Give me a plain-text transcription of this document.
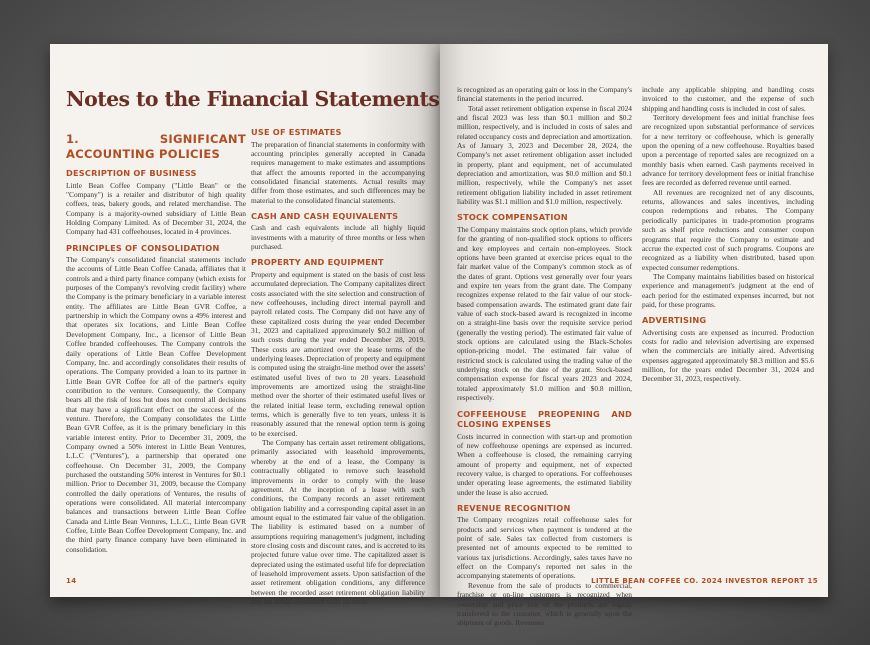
Notes to the Financial Statements
1. SIGNIFICANT ACCOUNTING POLICIES
DESCRIPTION OF BUSINESS

Little Bean Coffee Company ("Little Bean" or the "Company") is a retailer and distributor of high quality coffees, teas, bakery goods, and related merchandise. The Company is a majority-owned subsidiary of Little Bean Holding Company Limited. As of December 31, 2024, the Company had 431 coffeehouses, located in 4 provinces.

PRINCIPLES OF CONSOLIDATION

The Company's consolidated financial statements include the accounts of Little Bean Coffee Canada, affiliates that it controls and a third party finance company (which exists for purposes of the Company's revolving credit facility) where the Company is the primary beneficiary in a variable interest entity. The affiliates are Little Bean GVR Coffee, a partnership in which the Company owns a 49% interest and that operates six locations, and Little Bean Coffee Development Company, Inc., a licensor of Little Bean Coffee branded coffeehouses. The Company controls the daily operations of Little Bean Coffee Development Company, Inc. and accordingly consolidates their results of operations. The Company provided a loan to its partner in Little Bean GVR Coffee for all of the partner's equity contribution to the venture. Consequently, the Company bears all the risk of loss but does not control all decisions that may have a significant effect on the success of the venture. Therefore, the Company consolidates the Little Bean GVR Coffee, as it is the primary beneficiary in this variable interest entity. Prior to December 31, 2009, the Company owned a 50% interest in Little Bean Ventures, L.L.C ("Ventures"), a partnership that operated one coffeehouse. On December 31, 2009, the Company purchased the outstanding 50% interest in Ventures for $0.1 million. Prior to December 31, 2009, because the Company controlled the daily operations of Ventures, the results of operations were consolidated. All material intercompany balances and transactions between Little Bean Coffee Canada and Little Bean Ventures, L.L.C., Little Bean GVR Coffee, Little Bean Coffee Development Company, Inc. and the third party finance company have been eliminated in consolidation.

USE OF ESTIMATES

The preparation of financial statements in conformity with accounting principles generally accepted in Canada requires management to make estimates and assumptions that affect the amounts reported in the accompanying consolidated financial statements. Actual results may differ from those estimates, and such differences may be material to the consolidated financial statements.

CASH AND CASH EQUIVALENTS

Cash and cash equivalents include all highly liquid investments with a maturity of three months or less when purchased.

PROPERTY AND EQUIPMENT

Property and equipment is stated on the basis of cost less accumulated depreciation. The Company capitalizes direct costs associated with the site selection and construction of new coffeehouses, including direct internal payroll and payroll related costs. The Company did not have any of these capitalized costs during the year ended December 31, 2023 and capitalized approximately $0.2 million of such costs during the year ended December 28, 2019. These costs are amortized over the lease terms of the underlying leases. Depreciation of property and equipment is computed using the straight-line method over the assets' estimated useful lives of two to 20 years. Leasehold improvements are amortized using the straight-line method over the shorter of their estimated useful lives or the related initial lease term, excluding renewal option terms, which is generally five to ten years, unless it is reasonably assured that the renewal option term is going to be exercised.

The Company has certain asset retirement obligations, primarily associated with leasehold improvements, whereby at the end of a lease, the Company is contractually obligated to remove such leasehold improvements in order to comply with the lease agreement. At the inception of a lease with such conditions, the Company records an asset retirement obligation liability and a corresponding capital asset in an amount equal to the estimated fair value of the obligation. The liability is estimated based on a number of assumptions requiring management's judgment, including store closing costs and discount rates, and is accreted to its projected future value over time. The capitalized asset is depreciated using the estimated useful life for depreciation of leasehold improvement assets. Upon satisfaction of the asset retirement obligation conditions, any difference between the recorded asset retirement obligation liability and the actual retirement costs incurred

14

is recognized as an operating gain or loss in the Company's financial statements in the period incurred.

Total asset retirement obligation expense in fiscal 2024 and fiscal 2023 was less than $0.1 million and $0.2 million, respectively, and is included in costs of sales and related occupancy costs and depreciation and amortization. As of January 3, 2023 and December 28, 2024, the Company's net asset retirement obligation asset included in property, plant and equipment, net of accumulated depreciation and amortization, was $0.0 million and $0.1 million, respectively, while the Company's net asset retirement obligation liability included in asset retirement liability was $1.1 million and $1.0 million, respectively.

STOCK COMPENSATION

The Company maintains stock option plans, which provide for the granting of non-qualified stock options to officers and key employees and certain non-employees. Stock options have been granted at exercise prices equal to the fair market value of the Company's common stock as of the dates of grant. Options vest generally over four years and expire ten years from the grant date. The Company recognizes expense related to the fair value of our stock-based compensation awards. The estimated grant date fair value of each stock-based award is recognized in income on a straight-line basis over the requisite service period (generally the vesting period). The estimated fair value of stock options are calculated using the Black-Scholes option-pricing model. The estimated fair value of restricted stock is calculated using the trading value of the underlying stock on the date of the grant. Stock-based compensation expense for fiscal years 2023 and 2024, totaled approximately $1.0 million and $0.8 million, respectively.

COFFEEHOUSE PREOPENING AND CLOSING EXPENSES

Costs incurred in connection with start-up and promotion of new coffeehouse openings are expensed as incurred. When a coffeehouse is closed, the remaining carrying amount of property and equipment, net of expected recovery value, is charged to operations. For coffeehouses under operating lease agreements, the estimated liability under the lease is also accrued.

REVENUE RECOGNITION

The Company recognizes retail coffeehouse sales for products and services when payment is tendered at the point of sale. Sales tax collected from customers is presented net of amounts expected to be remitted to various tax jurisdictions. Accordingly, sales taxes have no effect on the Company's reported net sales in the accompanying statements of operations.

Revenue from the sale of products to commercial, franchise or on-line customers is recognized when ownership and price risk of the products are legally transferred to the customer, which is generally upon the shipment of goods. Revenues

include any applicable shipping and handling costs invoiced to the customer, and the expense of such shipping and handling costs is included in cost of sales.

Territory development fees and initial franchise fees are recognized upon substantial performance of services for a new territory or coffeehouse, which is generally upon the opening of a new coffeehouse. Royalties based upon a percentage of reported sales are recognized on a monthly basis when earned. Cash payments received in advance for territory development fees or initial franchise fees are recorded as deferred revenue until earned.

All revenues are recognized net of any discounts, returns, allowances and sales incentives, including coupon redemptions and rebates. The Company periodically participates in trade-promotion programs such as shelf price reductions and consumer coupon programs that require the Company to estimate and accrue the expected cost of such programs. Coupons are recognized as a liability when distributed, based upon expected consumer redemptions.

The Company maintains liabilities based on historical experience and management's judgment at the end of each period for the estimated expenses incurred, but not paid, for these programs.

ADVERTISING

Advertising costs are expensed as incurred. Production costs for radio and television advertising are expensed when the commercials are initially aired. Advertising expenses aggregated approximately $8.3 million and $5.6 million, for the years ended December 31, 2024 and December 31, 2023, respectively.

LITTLE BEAN COFFEE CO. 2024 INVESTOR REPORT 15
